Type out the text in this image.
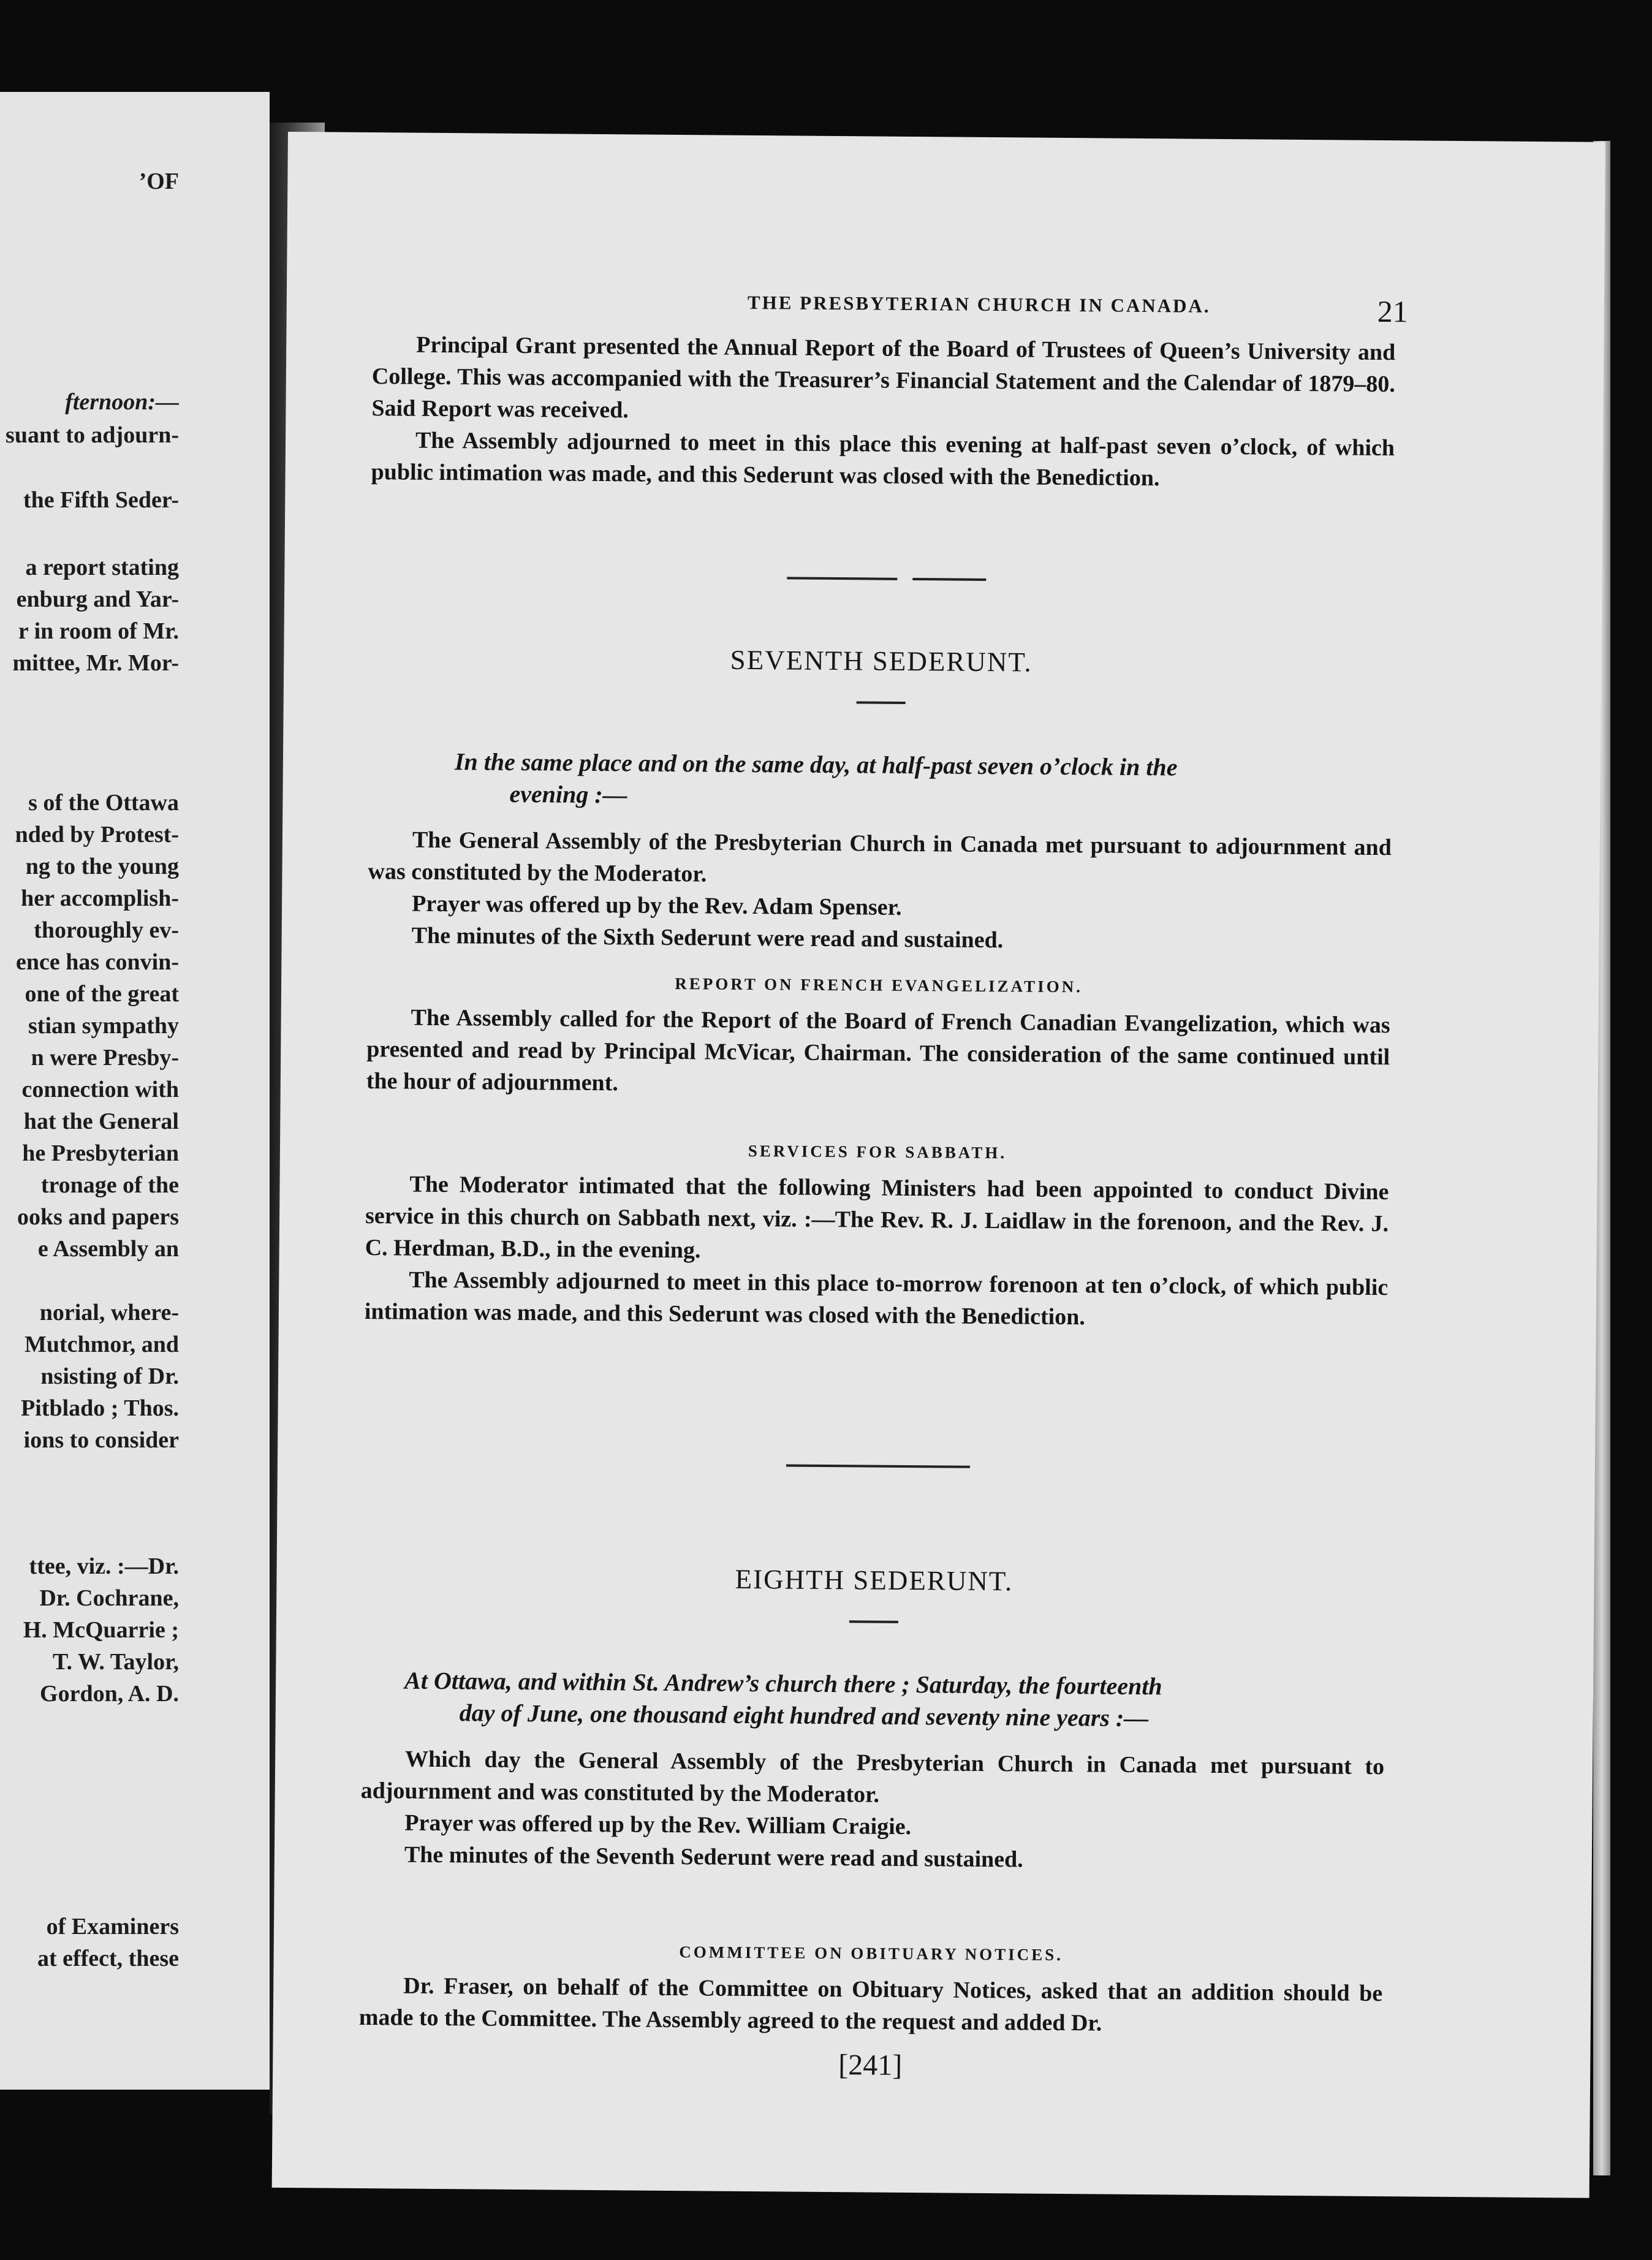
’OF
fternoon:—
suant to adjourn-
the Fifth Seder-
a report stating
enburg and Yar-
r in room of Mr.
mittee, Mr. Mor-
s of the Ottawa
nded by Protest-
ng to the young
her accomplish-
thoroughly ev-
ence has convin-
one of the great
stian sympathy
n were Presby-
connection with
hat the General
he Presbyterian
tronage of the
ooks and papers
e Assembly an
norial, where-
Mutchmor, and
nsisting of Dr.
Pitblado ; Thos.
ions to consider
ttee, viz. :—Dr.
Dr. Cochrane,
H. McQuarrie ;
T. W. Taylor,
Gordon, A. D.
of Examiners
at effect, these
THE PRESBYTERIAN CHURCH IN CANADA.	21

Principal Grant presented the Annual Report of the Board of Trustees of Queen’s University and College. This was accompanied with the Treasurer’s Financial Statement and the Calendar of 1879–80. Said Report was received.

The Assembly adjourned to meet in this place this evening at half-past seven o’clock, of which public intimation was made, and this Sederunt was closed with the Benediction.

SEVENTH SEDERUNT.
In the same place and on the same day, at half-past seven o’clock in the
evening :—

The General Assembly of the Presbyterian Church in Canada met pursuant to adjournment and was constituted by the Moderator.

Prayer was offered up by the Rev. Adam Spenser.

The minutes of the Sixth Sederunt were read and sustained.

REPORT ON FRENCH EVANGELIZATION.

The Assembly called for the Report of the Board of French Canadian Evangelization, which was presented and read by Principal McVicar, Chairman. The consideration of the same continued until the hour of adjournment.

SERVICES FOR SABBATH.

The Moderator intimated that the following Ministers had been appointed to conduct Divine service in this church on Sabbath next, viz. :—The Rev. R. J. Laidlaw in the forenoon, and the Rev. J. C. Herdman, B.D., in the evening.

The Assembly adjourned to meet in this place to-morrow forenoon at ten o’clock, of which public intimation was made, and this Sederunt was closed with the Benediction.

EIGHTH SEDERUNT.
At Ottawa, and within St. Andrew’s church there ; Saturday, the fourteenth
day of June, one thousand eight hundred and seventy nine years :—

Which day the General Assembly of the Presbyterian Church in Canada met pursuant to adjournment and was constituted by the Moderator.

Prayer was offered up by the Rev. William Craigie.

The minutes of the Seventh Sederunt were read and sustained.

COMMITTEE ON OBITUARY NOTICES.

Dr. Fraser, on behalf of the Committee on Obituary Notices, asked that an addition should be made to the Committee. The Assembly agreed to the request and added Dr.

[241]
